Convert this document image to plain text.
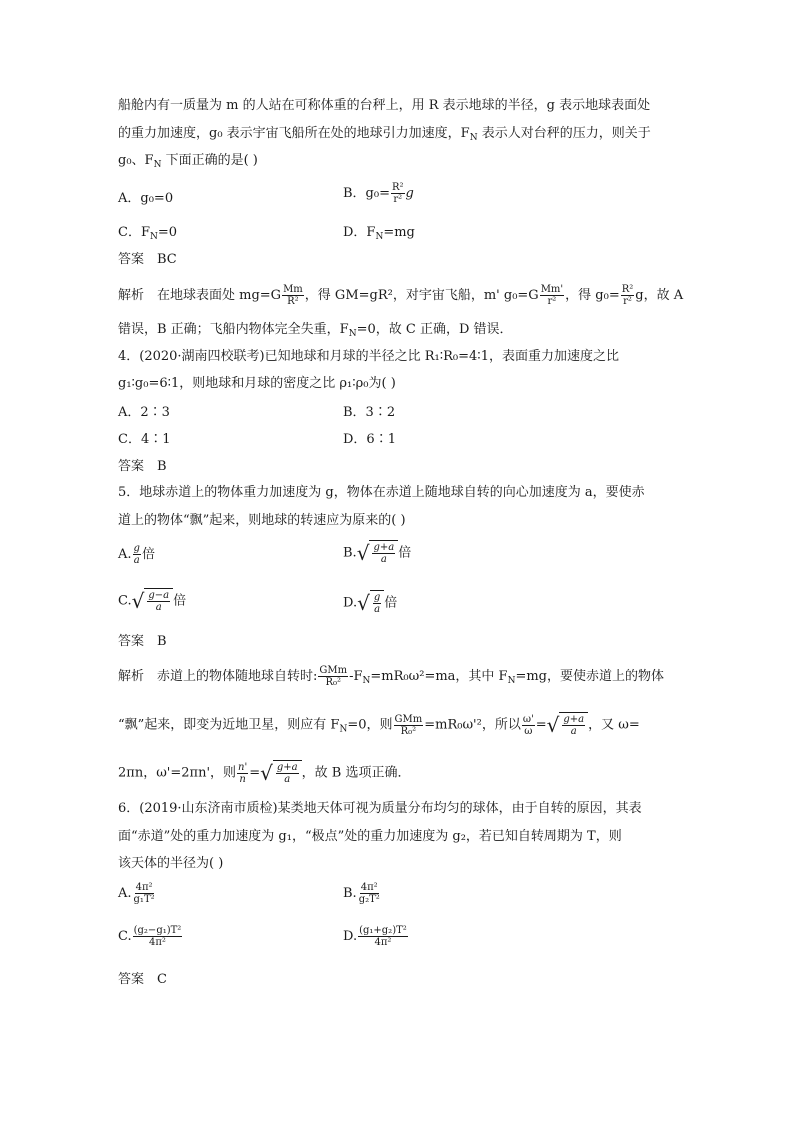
船舱内有一质量为 m 的人站在可称体重的台秤上，用 R 表示地球的半径，g 表示地球表面处
的重力加速度，g₀ 表示宇宙飞船所在处的地球引力加速度，$F_N$ 表示人对台秤的压力，则关于
g₀、$F_N$ 下面正确的是( )
A．g₀=0	B．$g_0= \frac{\text{R²}}{\text{r²}}$ g
C．$F_N=0$	D．$F_N=mg$
答案　BC
解析　在地球表面处 $mg=G \frac{Mm}{\text{R²}}$ ，得 GM=gR²，对宇宙飞船，m' $g_0=G \frac{Mm'}{\text{r²}}$ ，得 $g_0= \frac{\text{R²}}{\text{r²}}$ g，故 A
错误，B 正确；飞船内物体完全失重，$F_N=0$，故 C 正确，D 错误．
4．(2020·湖南四校联考)已知地球和月球的半径之比 R₁∶R₀=4∶1，表面重力加速度之比
g₁∶g₀=6∶1，则地球和月球的密度之比 ρ₁∶ρ₀为( )
A．2∶3	B．3∶2
C．4∶1	D．6∶1
答案　B
5．地球赤道上的物体重力加速度为 g，物体在赤道上随地球自转的向心加速度为 a，要使赤
道上的物体“飘”起来，则地球的转速应为原来的( )
A. $\frac{g}{a}$ 倍	B. √ $\frac{g+a}{a}$ 倍
C. √ $\frac{g-a}{a}$ 倍	D. √ $\frac{g}{a}$ 倍
答案　B
解析　赤道上的物体随地球自转时: $\frac{\text{GMm}}{\text{R₀²}} -F_N=mR_0\omega^2=ma$，其中 $F_N=mg$，要使赤道上的物体
“飘”起来，即变为近地卫星，则应有 $F_N=0$，则 $\frac{\text{GMm}}{\text{R₀²}} =mR_0\omega'^2$，所以 $\frac{\omega'}{\omega}$ = √ $\frac{g+a}{a}$ ，又 ω=
2πn，ω'=2πn'，则 $\frac{n'}{n}$ = √ $\frac{g+a}{a}$ ，故 B 选项正确．
6．(2019·山东济南市质检)某类地天体可视为质量分布均匀的球体，由于自转的原因，其表
面“赤道”处的重力加速度为 g₁，“极点”处的重力加速度为 g₂，若已知自转周期为 T，则
该天体的半径为( )
A. $\frac{\text{4π²}}{\text{g₁T²}}$	B. $\frac{\text{4π²}}{\text{g₂T²}}$
C. $\frac{\text{(g₂−g₁)T²}}{\text{4π²}}$	D. $\frac{\text{(g₁+g₂)T²}}{\text{4π²}}$
答案　C
